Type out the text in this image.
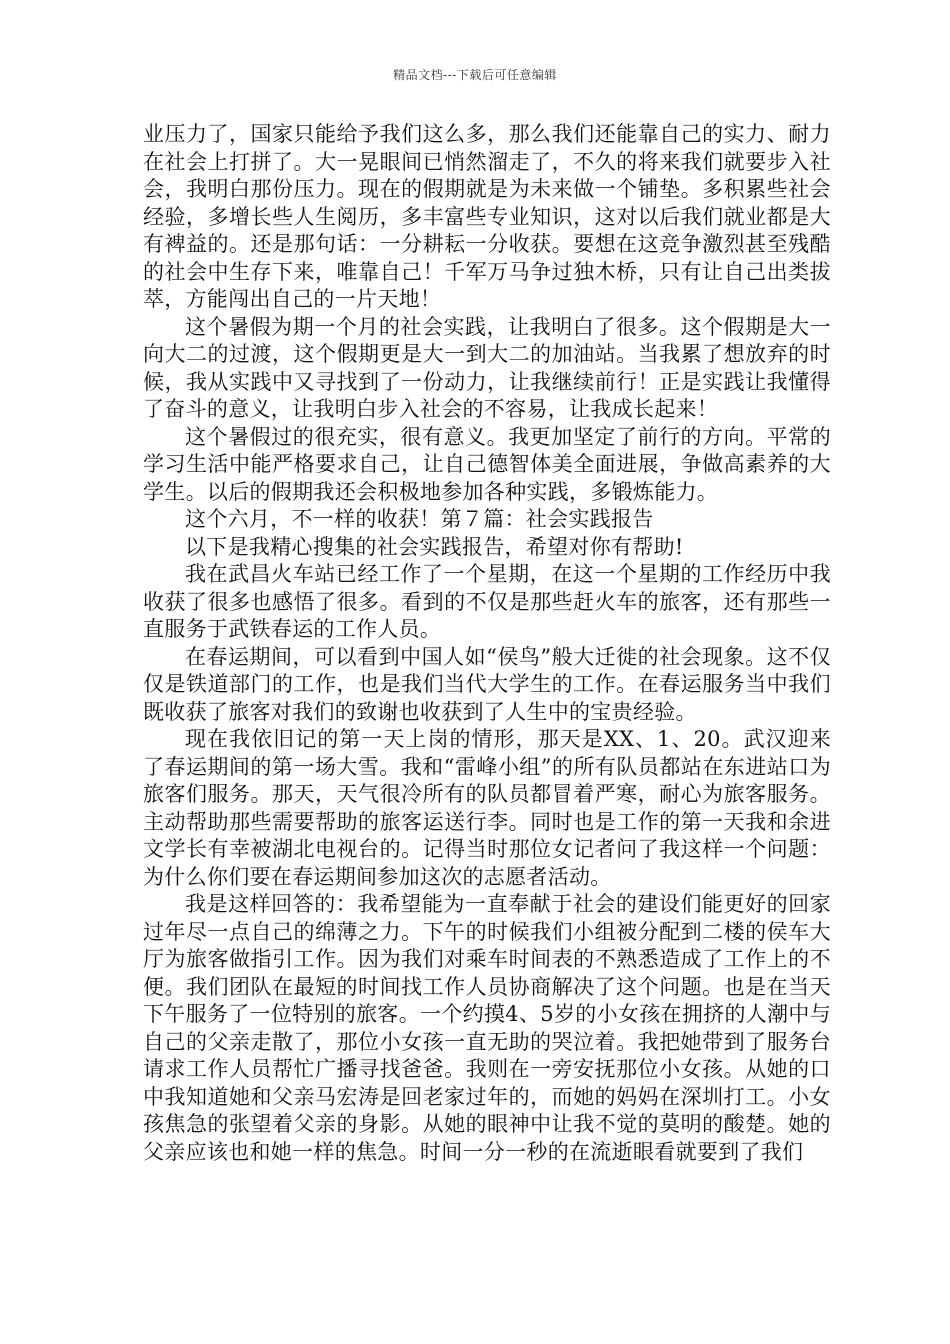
精品文档---下载后可任意编辑

业压力了，国家只能给予我们这么多，那么我们还能靠自己的实力、耐力在社会上打拼了。大一晃眼间已悄然溜走了，不久的将来我们就要步入社会，我明白那份压力。现在的假期就是为未来做一个铺垫。多积累些社会经验，多增长些人生阅历，多丰富些专业知识，这对以后我们就业都是大有裨益的。还是那句话：一分耕耘一分收获。要想在这竞争激烈甚至残酷的社会中生存下来，唯靠自己！千军万马争过独木桥，只有让自己出类拔萃，方能闯出自己的一片天地！

这个暑假为期一个月的社会实践，让我明白了很多。这个假期是大一向大二的过渡，这个假期更是大一到大二的加油站。当我累了想放弃的时候，我从实践中又寻找到了一份动力，让我继续前行！正是实践让我懂得了奋斗的意义，让我明白步入社会的不容易，让我成长起来！

这个暑假过的很充实，很有意义。我更加坚定了前行的方向。平常的学习生活中能严格要求自己，让自己德智体美全面进展，争做高素养的大学生。以后的假期我还会积极地参加各种实践，多锻炼能力。

这个六月，不一样的收获！第７篇：社会实践报告

以下是我精心搜集的社会实践报告，希望对你有帮助!

我在武昌火车站已经工作了一个星期，在这一个星期的工作经历中我收获了很多也感悟了很多。看到的不仅是那些赶火车的旅客，还有那些一直服务于武铁春运的工作人员。

在春运期间，可以看到中国人如“侯鸟”般大迁徙的社会现象。这不仅仅是铁道部门的工作，也是我们当代大学生的工作。在春运服务当中我们既收获了旅客对我们的致谢也收获到了人生中的宝贵经验。

现在我依旧记的第一天上岗的情形，那天是XX、1、20。武汉迎来了春运期间的第一场大雪。我和“雷峰小组”的所有队员都站在东进站口为旅客们服务。那天，天气很冷所有的队员都冒着严寒，耐心为旅客服务。主动帮助那些需要帮助的旅客运送行李。同时也是工作的第一天我和余进文学长有幸被湖北电视台的。记得当时那位女记者问了我这样一个问题：为什么你们要在春运期间参加这次的志愿者活动。

我是这样回答的：我希望能为一直奉献于社会的建设们能更好的回家过年尽一点自己的绵薄之力。下午的时候我们小组被分配到二楼的侯车大厅为旅客做指引工作。因为我们对乘车时间表的不熟悉造成了工作上的不便。我们团队在最短的时间找工作人员协商解决了这个问题。也是在当天下午服务了一位特别的旅客。一个约摸4、5岁的小女孩在拥挤的人潮中与自己的父亲走散了，那位小女孩一直无助的哭泣着。我把她带到了服务台请求工作人员帮忙广播寻找爸爸。我则在一旁安抚那位小女孩。从她的口中我知道她和父亲马宏涛是回老家过年的，而她的妈妈在深圳打工。小女孩焦急的张望着父亲的身影。从她的眼神中让我不觉的莫明的酸楚。她的父亲应该也和她一样的焦急。时间一分一秒的在流逝眼看就要到了我们
